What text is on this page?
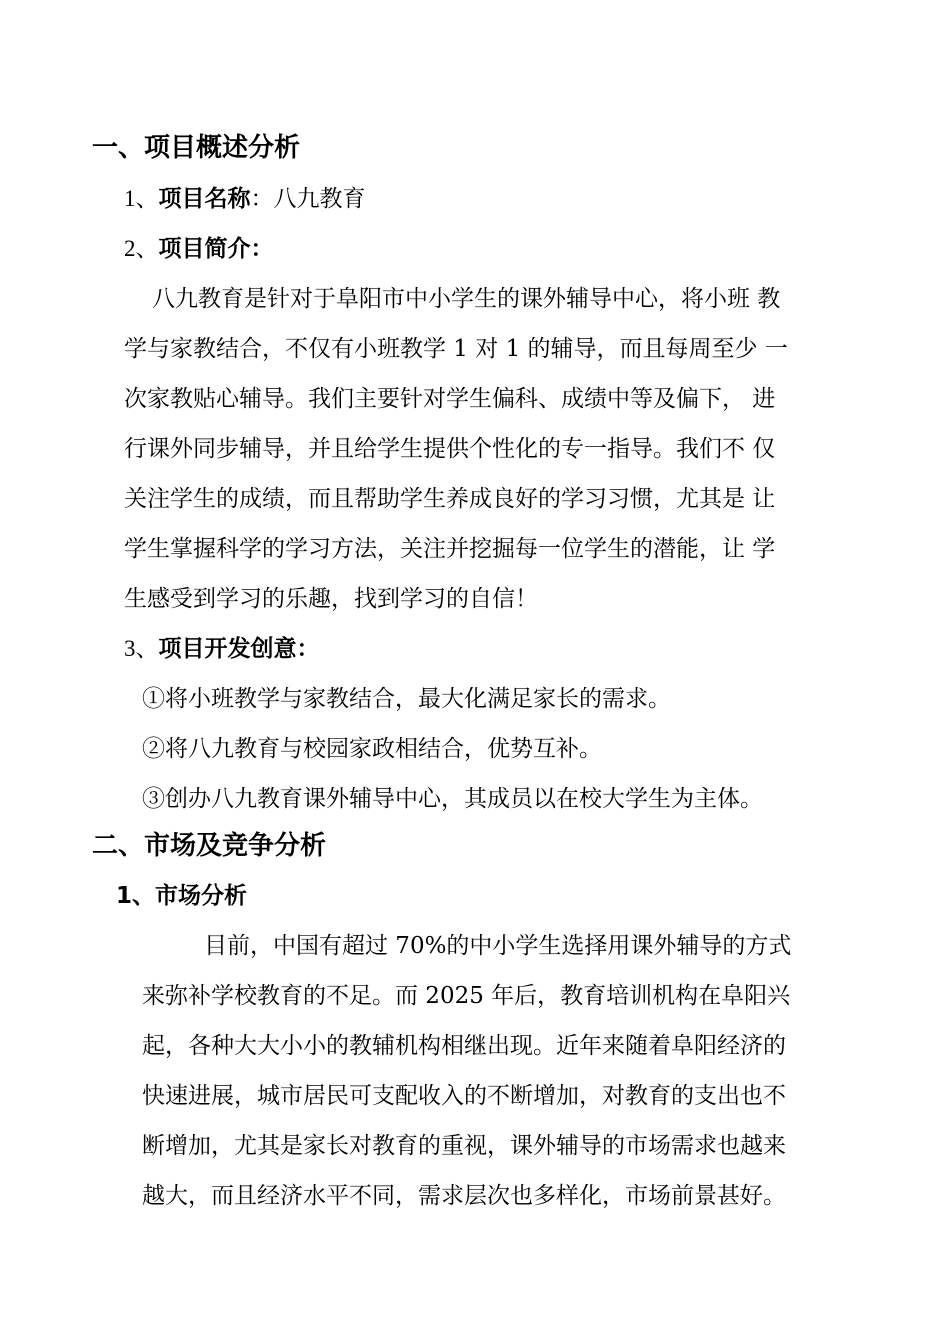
一、项目概述分析
1、项目名称：八九教育
2、项目简介：
八九教育是针对于阜阳市中小学生的课外辅导中心，将小班 教
学与家教结合，不仅有小班教学 1 对 1 的辅导，而且每周至少 一
次家教贴心辅导。我们主要针对学生偏科、成绩中等及偏下， 进
行课外同步辅导，并且给学生提供个性化的专一指导。我们不 仅
关注学生的成绩，而且帮助学生养成良好的学习习惯，尤其是 让
学生掌握科学的学习方法，关注并挖掘每一位学生的潜能，让 学
生感受到学习的乐趣，找到学习的自信！
3、项目开发创意：
①将小班教学与家教结合，最大化满足家长的需求。
②将八九教育与校园家政相结合，优势互补。
③创办八九教育课外辅导中心，其成员以在校大学生为主体。
二、市场及竞争分析
1、市场分析
目前，中国有超过 70%的中小学生选择用课外辅导的方式
来弥补学校教育的不足。而 2025 年后，教育培训机构在阜阳兴
起，各种大大小小的教辅机构相继出现。近年来随着阜阳经济的
快速进展，城市居民可支配收入的不断增加，对教育的支出也不
断增加，尤其是家长对教育的重视，课外辅导的市场需求也越来
越大，而且经济水平不同，需求层次也多样化，市场前景甚好。
